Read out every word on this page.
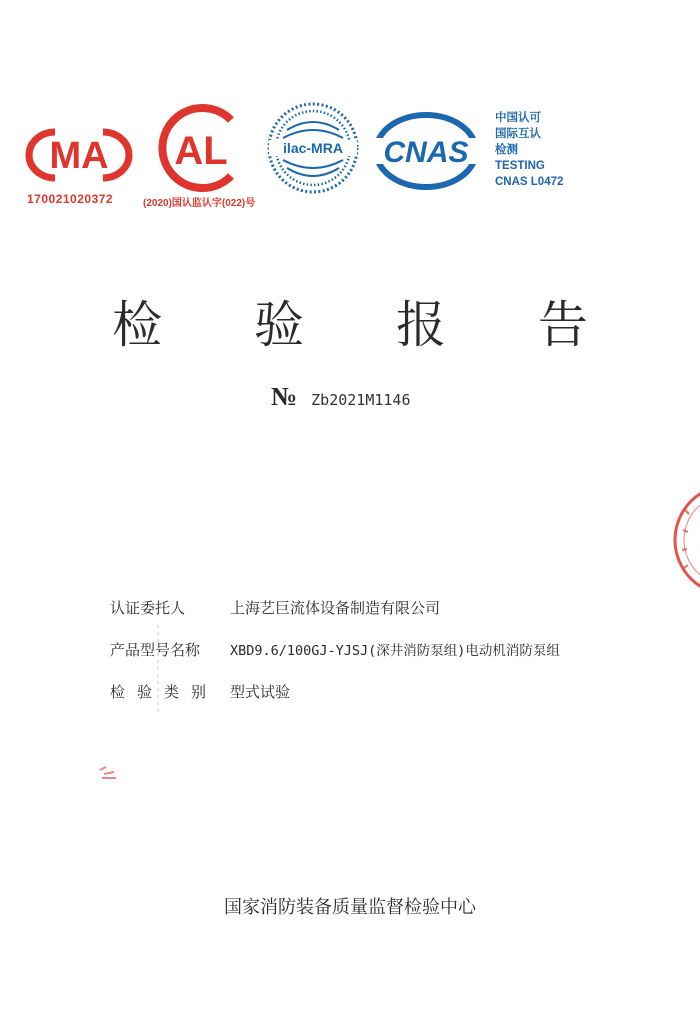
MA
170021020372
AL
(2020)国认监认字(022)号
ilac-MRA CNAS
中国认可
国际互认
检测
TESTING
CNAS L0472
检 验 报 告
№ Zb2021M1146
认证委托人	上海艺巨流体设备制造有限公司
产品型号名称	XBD9.6/100GJ-YJSJ(深井消防泵组)电动机消防泵组
检验类别 型式试验
国家消防装备质量监督检验中心
